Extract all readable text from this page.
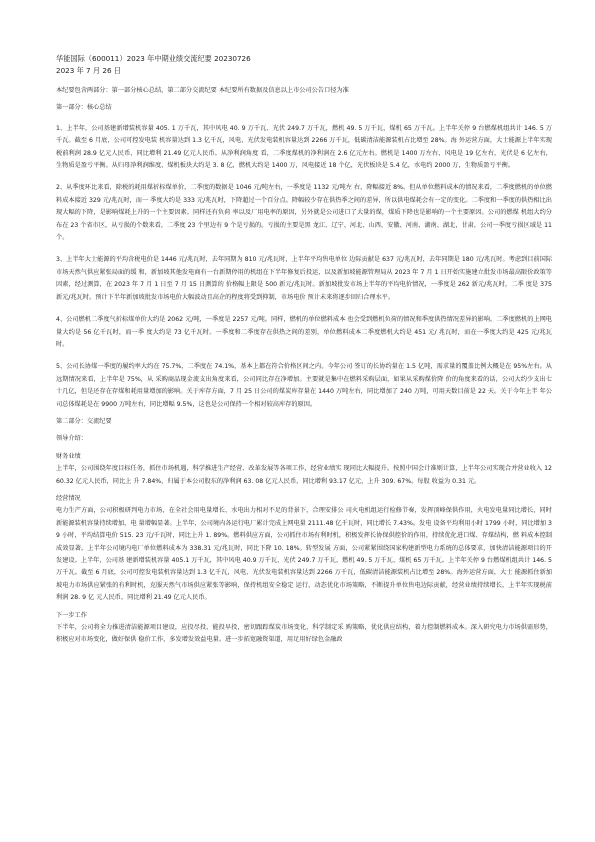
华能国际（600011）2023 年中期业绩交流纪要 20230726
2023 年 7 月 26 日

本纪要包含两部分：第一部分核心总结，第二部分交流纪要 本纪要所有数据及信息以上市公司公告口径为准

第一部分：核心总结

1、上半年，公司基建新增装机容量 405. 1 万千瓦，其中风电 40. 9 万千瓦、光伏 249.7 万千瓦，燃机 49. 5 万千瓦，煤机 65 万千瓦。上半年关停 9 台燃煤机组共计 146. 5 万千瓦。截至 6 月底，公司可控发电装 机容量达到 1.3 亿千瓦，风电、光伏发电装机容量达到 2266 万千瓦，低碳清洁能源装机占比增至 28%。海 外运营方面，大士能源上半年实现税前利润 28.9 亿元人民币，同比增利 21.49 亿元人民币。从净利润角度 看，二季度煤机的净利润在 2.6 亿元左右。燃机是 1400 万左右，风电是 19 亿左右，光伏是 6 亿左右，生物质是盈亏平衡。从归母净利润维度，煤机板块大约是 3. 8 亿，燃机大约是 1400 万，风电接近 18 个亿，光伏板块是 5.4 亿，水电约 2000 万，生物质盈亏平衡。

2、从季度环比来看，除税的耗用煤折标煤单价，二季度的数据是 1046 元/吨左右，一季度是 1132 元/吨左 右，降幅接近 8%。但从单位燃料成本的情况来看，二季度燃机的单位燃料成本接近 329 元/兆瓦时，而一 季度大约是 333 元/兆瓦时，下降超过一个百分点。降幅较少存在供热季之间的差异，所以供电煤耗会有一定的变化。二季度和一季度的供热相比出现大幅的下降，是影响煤耗上升的一个主要因素。同样还有负荷 率以及厂用电率的原因，另外就是公司进口了大量的煤，煤质下降也是影响的一个主要原因。公司的燃煤 机组大约分布在 23 个省市区，从亏损的个数来看，二季度 23 个里边有 9 个是亏损的。亏损的主要是黑 龙江、辽宁、河北、山西、安徽、河南、湖南、湖北，甘肃，公司一季度亏损区域是 11 个。

3、上半年大士能源的平均含税电价是 1446 元/兆瓦时，去年同期为 810 元/兆瓦时，上半年平均售电单位 边际贡献是 637 元/兆瓦时，去年同期是 180 元/兆瓦时。考虑到目前国际市场天然气供应紧张局面的缓 和，新加坡其他发电商有一台新期停用的机组在下半年修复后投运，以及新加坡能源管理局从 2023 年 7 月 1 日开始实施建立批发市场最高限价政策等因素，经过测算，在 2023 年 7 月 1 日至 7 月 15 日测算的 价格幅上限是 500 新元/兆瓦时。新加坡批发市场上半年的平均电价情况，一季度是 262 新元/兆瓦时，二季 度是 375 新元/兆瓦时。预计下半年新加坡批发市场电价大幅波动且高企的程度将受到抑制，市场电价 预计未来将逐步回归合理水平。

4、公司燃机二季度气折标煤单价大约是 2062 元/吨，一季度是 2257 元/吨。同样，燃机的单位燃料成本 也会受到燃机负荷的情况和季度供热情况差异的影响。二季度燃机的上网电量大约是 56 亿千瓦时，而一季 度大约是 73 亿千瓦时。一季度和二季度存在供热之间的差别，单位燃料成本二季度燃机大约是 451 元/ 兆瓦时，而在一季度大约是 425 元/兆瓦时。

5、公司长协煤一季度的履约率大约在 75.7%，二季度在 74.1%，基本上都在符合价格区间之内。今年公司 签订的长协约量在 1.5 亿吨，需求量的覆盖比例大概是在 95%左右。从远期情况来看，上半年是 75%，从 采购商品现金流支出角度来看，公司同比存在净增加。主要就是集中在燃料采购层面，如果从采购煤价降 价的角度来看的话，公司大约少支出七十几亿，但是还存在存煤和耗用量增加的影响。关于库存方面，7 月 25 日公司的煤炭库存量在 1440 万吨左右，同比增加了 240 万吨，可用天数目前是 22 天。关于今年上半 年公司总体煤耗是在 9900 万吨左右，同比增幅 9.5%，这也是公司保持一个相对较高库存的原因。

第二部分：交流纪要

领导介绍：

财务业绩

上半年，公司围绕年度目标任务，抓住市场机遇，科学推进生产经营、改革发展等各项工作，经营业绩实 现同比大幅提升。按照中国会计准则计算，上半年公司实现合并营业收入 1260.32 亿元人民币，同比上 升 7.84%，归属于本公司股东的净利润 63. 08 亿元人民币，同比增利 93.17 亿元，上升 309. 67%。每股 收益为 0.31 元。

经营情况

电力生产方面，公司积极研判电力市场，在全社会用电量增长、水电出力相对不足的背景下，合理安排公 司火电机组运行检修节奏，发挥顶峰保供作用，火电发电量同比增长，同时新能源装机容量持续增加，电 量增幅显著。上半年，公司境内各运行电厂累计完成上网电量 2111.48 亿千瓦时，同比增长 7.43%。发电 设备平均利用小时 1799 小时，同比增加 39 小时，平均结算电价 515. 23 元/千瓦时，同比上升 1. 89%。燃料供应方面，公司抓住市场有利时机，积极发挥长协保供控价的作用，持续优化进口煤、存煤结构，燃 料成本控制成效显著。上半年公司境内电厂单位燃料成本为 338.31 元/兆瓦时，同比下降 10. 18%。转型发展 方面，公司紧紧围绕国家构建新型电力系统的总体要求，加快清洁能源项目的开发建设。上半年，公司基 建新增装机容量 405.1 万千瓦，其中风电 40.9 万千瓦、光伏 249.7 万千瓦，燃机 49. 5 万千瓦、煤机 65 万千瓦。上半年关停 9 台燃煤机组共计 146. 5 万千瓦。截至 6 月底，公司可控发电装机容量达到 1.3 亿千瓦，风电、光伏发电装机容量达到 2266 万千瓦，低碳清洁能源装机占比增至 28%。海外运营方面，大士 能源抓住新加坡电力市场供应紧张的有利时机，克服天然气市场供应紧张等影响，保持机组安全稳定 运行，动态优化市场策略，不断提升单位售电边际贡献，经营业绩持续增长，上半年实现税前利润 28. 9 亿 元人民币，同比增利 21.49 亿元人民币。

下一步工作

下半年，公司将全力推进清洁能源项目建设，应投尽投、能投早投，密切跟踪煤炭市场变化，科学制定采 购策略，优化供应结构，着力控制燃料成本。深入研究电力市场供需形势，积极应对市场变化，做好保供 稳价工作，多发增发效益电量。进一步拓宽融资渠道，用足用好绿色金融政
